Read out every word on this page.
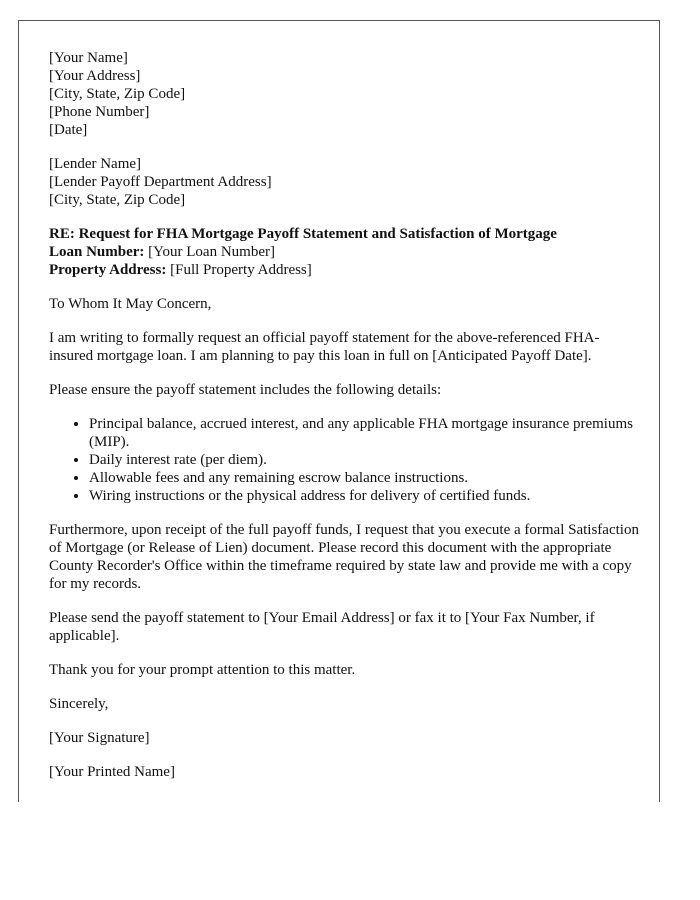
[Your Name]
[Your Address]
[City, State, Zip Code]
[Phone Number]
[Date]
[Lender Name]
[Lender Payoff Department Address]
[City, State, Zip Code]
RE: Request for FHA Mortgage Payoff Statement and Satisfaction of Mortgage
Loan Number: [Your Loan Number]
Property Address: [Full Property Address]

To Whom It May Concern,

I am writing to formally request an official payoff statement for the above-referenced FHA-insured mortgage loan. I am planning to pay this loan in full on [Anticipated Payoff Date].

Please ensure the payoff statement includes the following details:

• Principal balance, accrued interest, and any applicable FHA mortgage insurance premiums (MIP).
• Daily interest rate (per diem).
• Allowable fees and any remaining escrow balance instructions.
• Wiring instructions or the physical address for delivery of certified funds.

Furthermore, upon receipt of the full payoff funds, I request that you execute a formal Satisfaction of Mortgage (or Release of Lien) document. Please record this document with the appropriate County Recorder's Office within the timeframe required by state law and provide me with a copy for my records.

Please send the payoff statement to [Your Email Address] or fax it to [Your Fax Number, if applicable].

Thank you for your prompt attention to this matter.

Sincerely,

[Your Signature]

[Your Printed Name]
